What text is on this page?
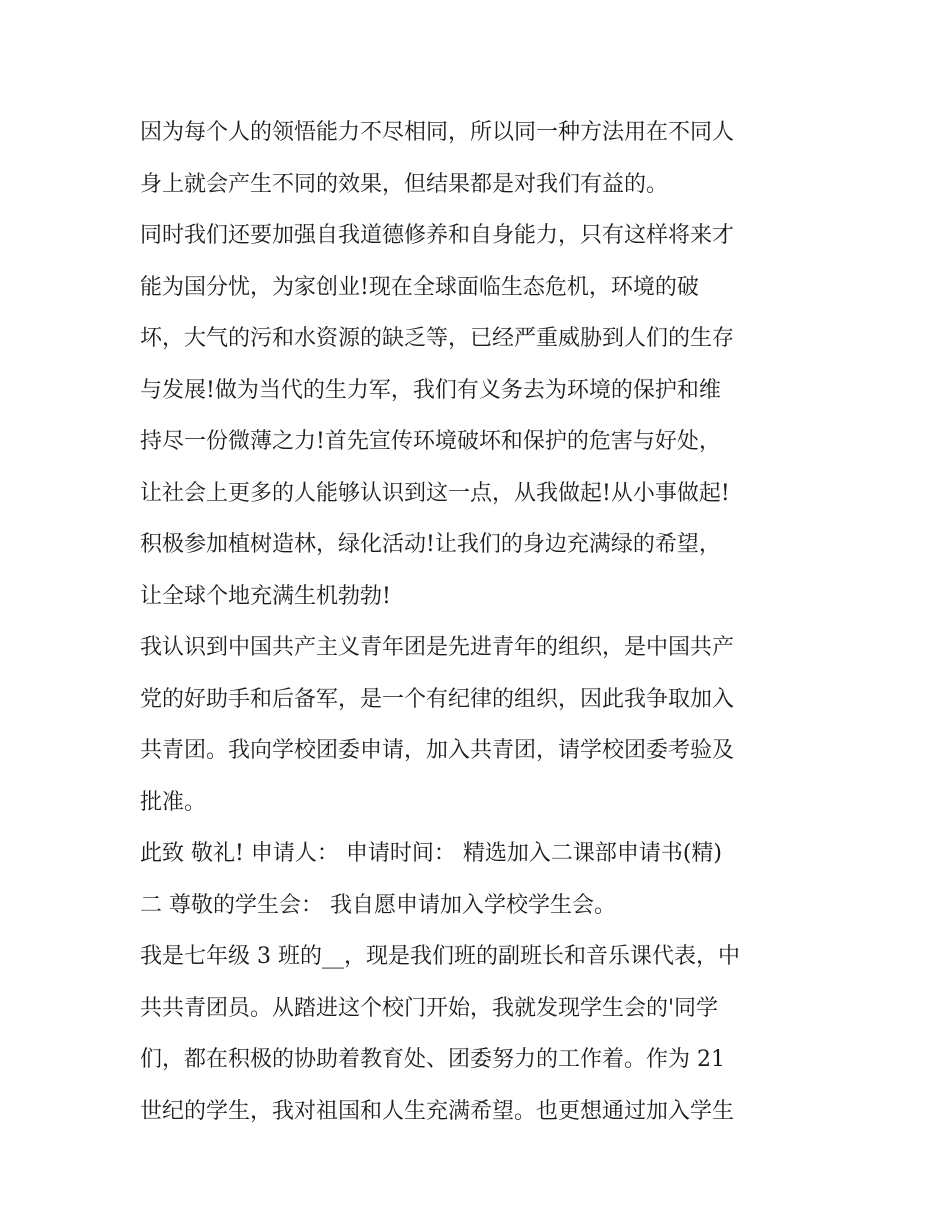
因为每个人的领悟能力不尽相同，所以同一种方法用在不同人
身上就会产生不同的效果，但结果都是对我们有益的。
同时我们还要加强自我道德修养和自身能力，只有这样将来才
能为国分忧，为家创业!现在全球面临生态危机，环境的破
坏，大气的污和水资源的缺乏等，已经严重威胁到人们的生存
与发展!做为当代的生力军，我们有义务去为环境的保护和维
持尽一份微薄之力!首先宣传环境破坏和保护的危害与好处，
让社会上更多的人能够认识到这一点，从我做起!从小事做起!
积极参加植树造林，绿化活动!让我们的身边充满绿的希望，
让全球个地充满生机勃勃!
我认识到中国共产主义青年团是先进青年的组织，是中国共产
党的好助手和后备军，是一个有纪律的组织，因此我争取加入
共青团。我向学校团委申请，加入共青团，请学校团委考验及
批准。
此致 敬礼! 申请人： 申请时间： 精选加入二课部申请书(精)
二 尊敬的学生会： 我自愿申请加入学校学生会。
我是七年级 3 班的__，现是我们班的副班长和音乐课代表，中
共共青团员。从踏进这个校门开始，我就发现学生会的'同学
们，都在积极的协助着教育处、团委努力的工作着。作为 21
世纪的学生，我对祖国和人生充满希望。也更想通过加入学生
